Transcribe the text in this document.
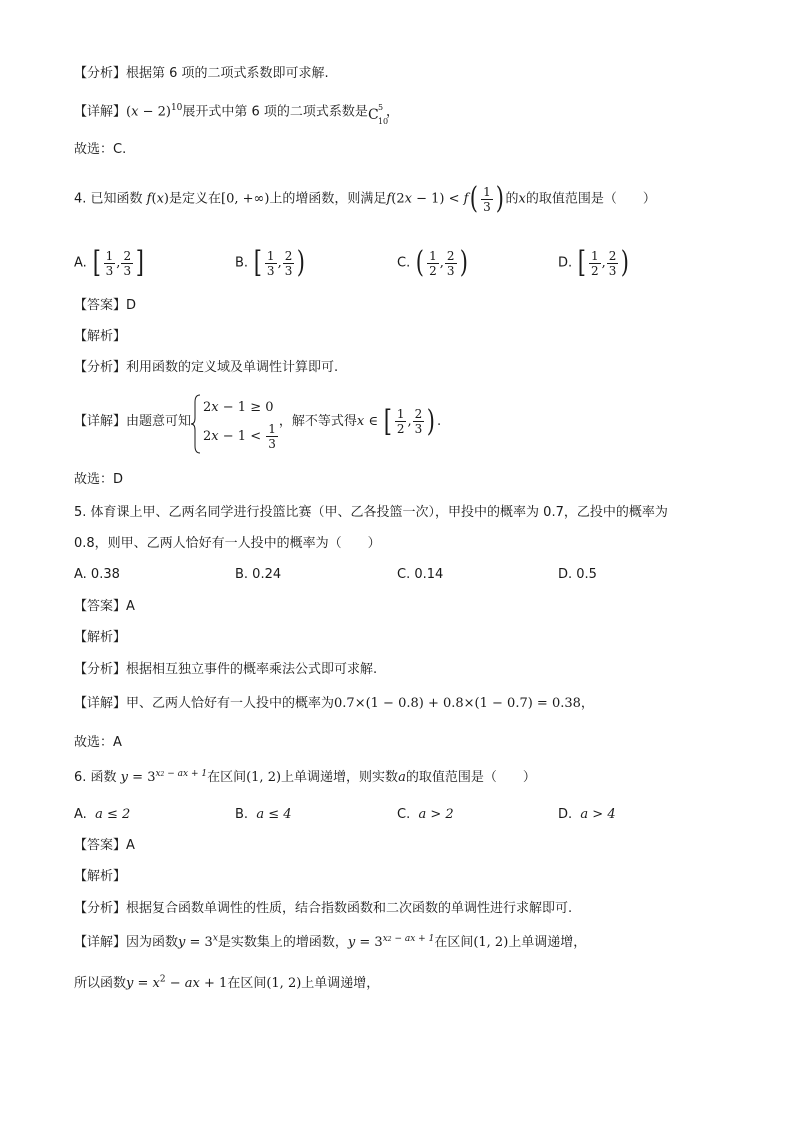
【分析】根据第 6 项的二项式系数即可求解.
【详解】$(x - 2)^{10}$展开式中第 6 项的二项式系数是 C 5
10
，
故选：C.
4. 已知函数 f(x)是定义在[0, +∞)上的增函数，则满足$f(2x - 1) < f( \frac{1}{3}$ ) 的x的取值范围是（　　）
A. [ $\frac{1}{3}$ , $\frac{2}{3}$ ]	B. [ $\frac{1}{3}$ , $\frac{2}{3}$ )	C. ( $\frac{1}{2}$ , $\frac{2}{3}$ )	D. [ $\frac{1}{2}$ , $\frac{2}{3}$ )
【答案】D
【解析】
【分析】利用函数的定义域及单调性计算即可.
【详解】由题意可知
2x − 1 ≥ 0
$2x - 1 < \frac{1}{3}$ ，解不等式得x ∈ [ $\frac{1}{2}$ , $\frac{2}{3}$ ) .
故选：D
5. 体育课上甲、乙两名同学进行投篮比赛（甲、乙各投篮一次），甲投中的概率为 0.7，乙投中的概率为
0.8，则甲、乙两人恰好有一人投中的概率为（　　）
A. 0.38	B. 0.24	C. 0.14	D. 0.5
【答案】A
【解析】
【分析】根据相互独立事件的概率乘法公式即可求解.
【详解】甲、乙两人恰好有一人投中的概率为0.7×(1 − 0.8) + 0.8×(1 − 0.7) = 0.38，
故选：A
6. 函数 $y = 3^{x2 - ax + 1}$在区间(1, 2)上单调递增，则实数a的取值范围是（　　）
A. a ≤ 2	B. a ≤ 4	C. a > 2	D. a > 4
【答案】A
【解析】
【分析】根据复合函数单调性的性质，结合指数函数和二次函数的单调性进行求解即可.
【详解】因为函数$y = 3^x$是实数集上的增函数，$y = 3^{x2 - ax + 1}$在区间(1, 2)上单调递增，
所以函数$y = x^2$ − ax + 1在区间(1, 2)上单调递增，
